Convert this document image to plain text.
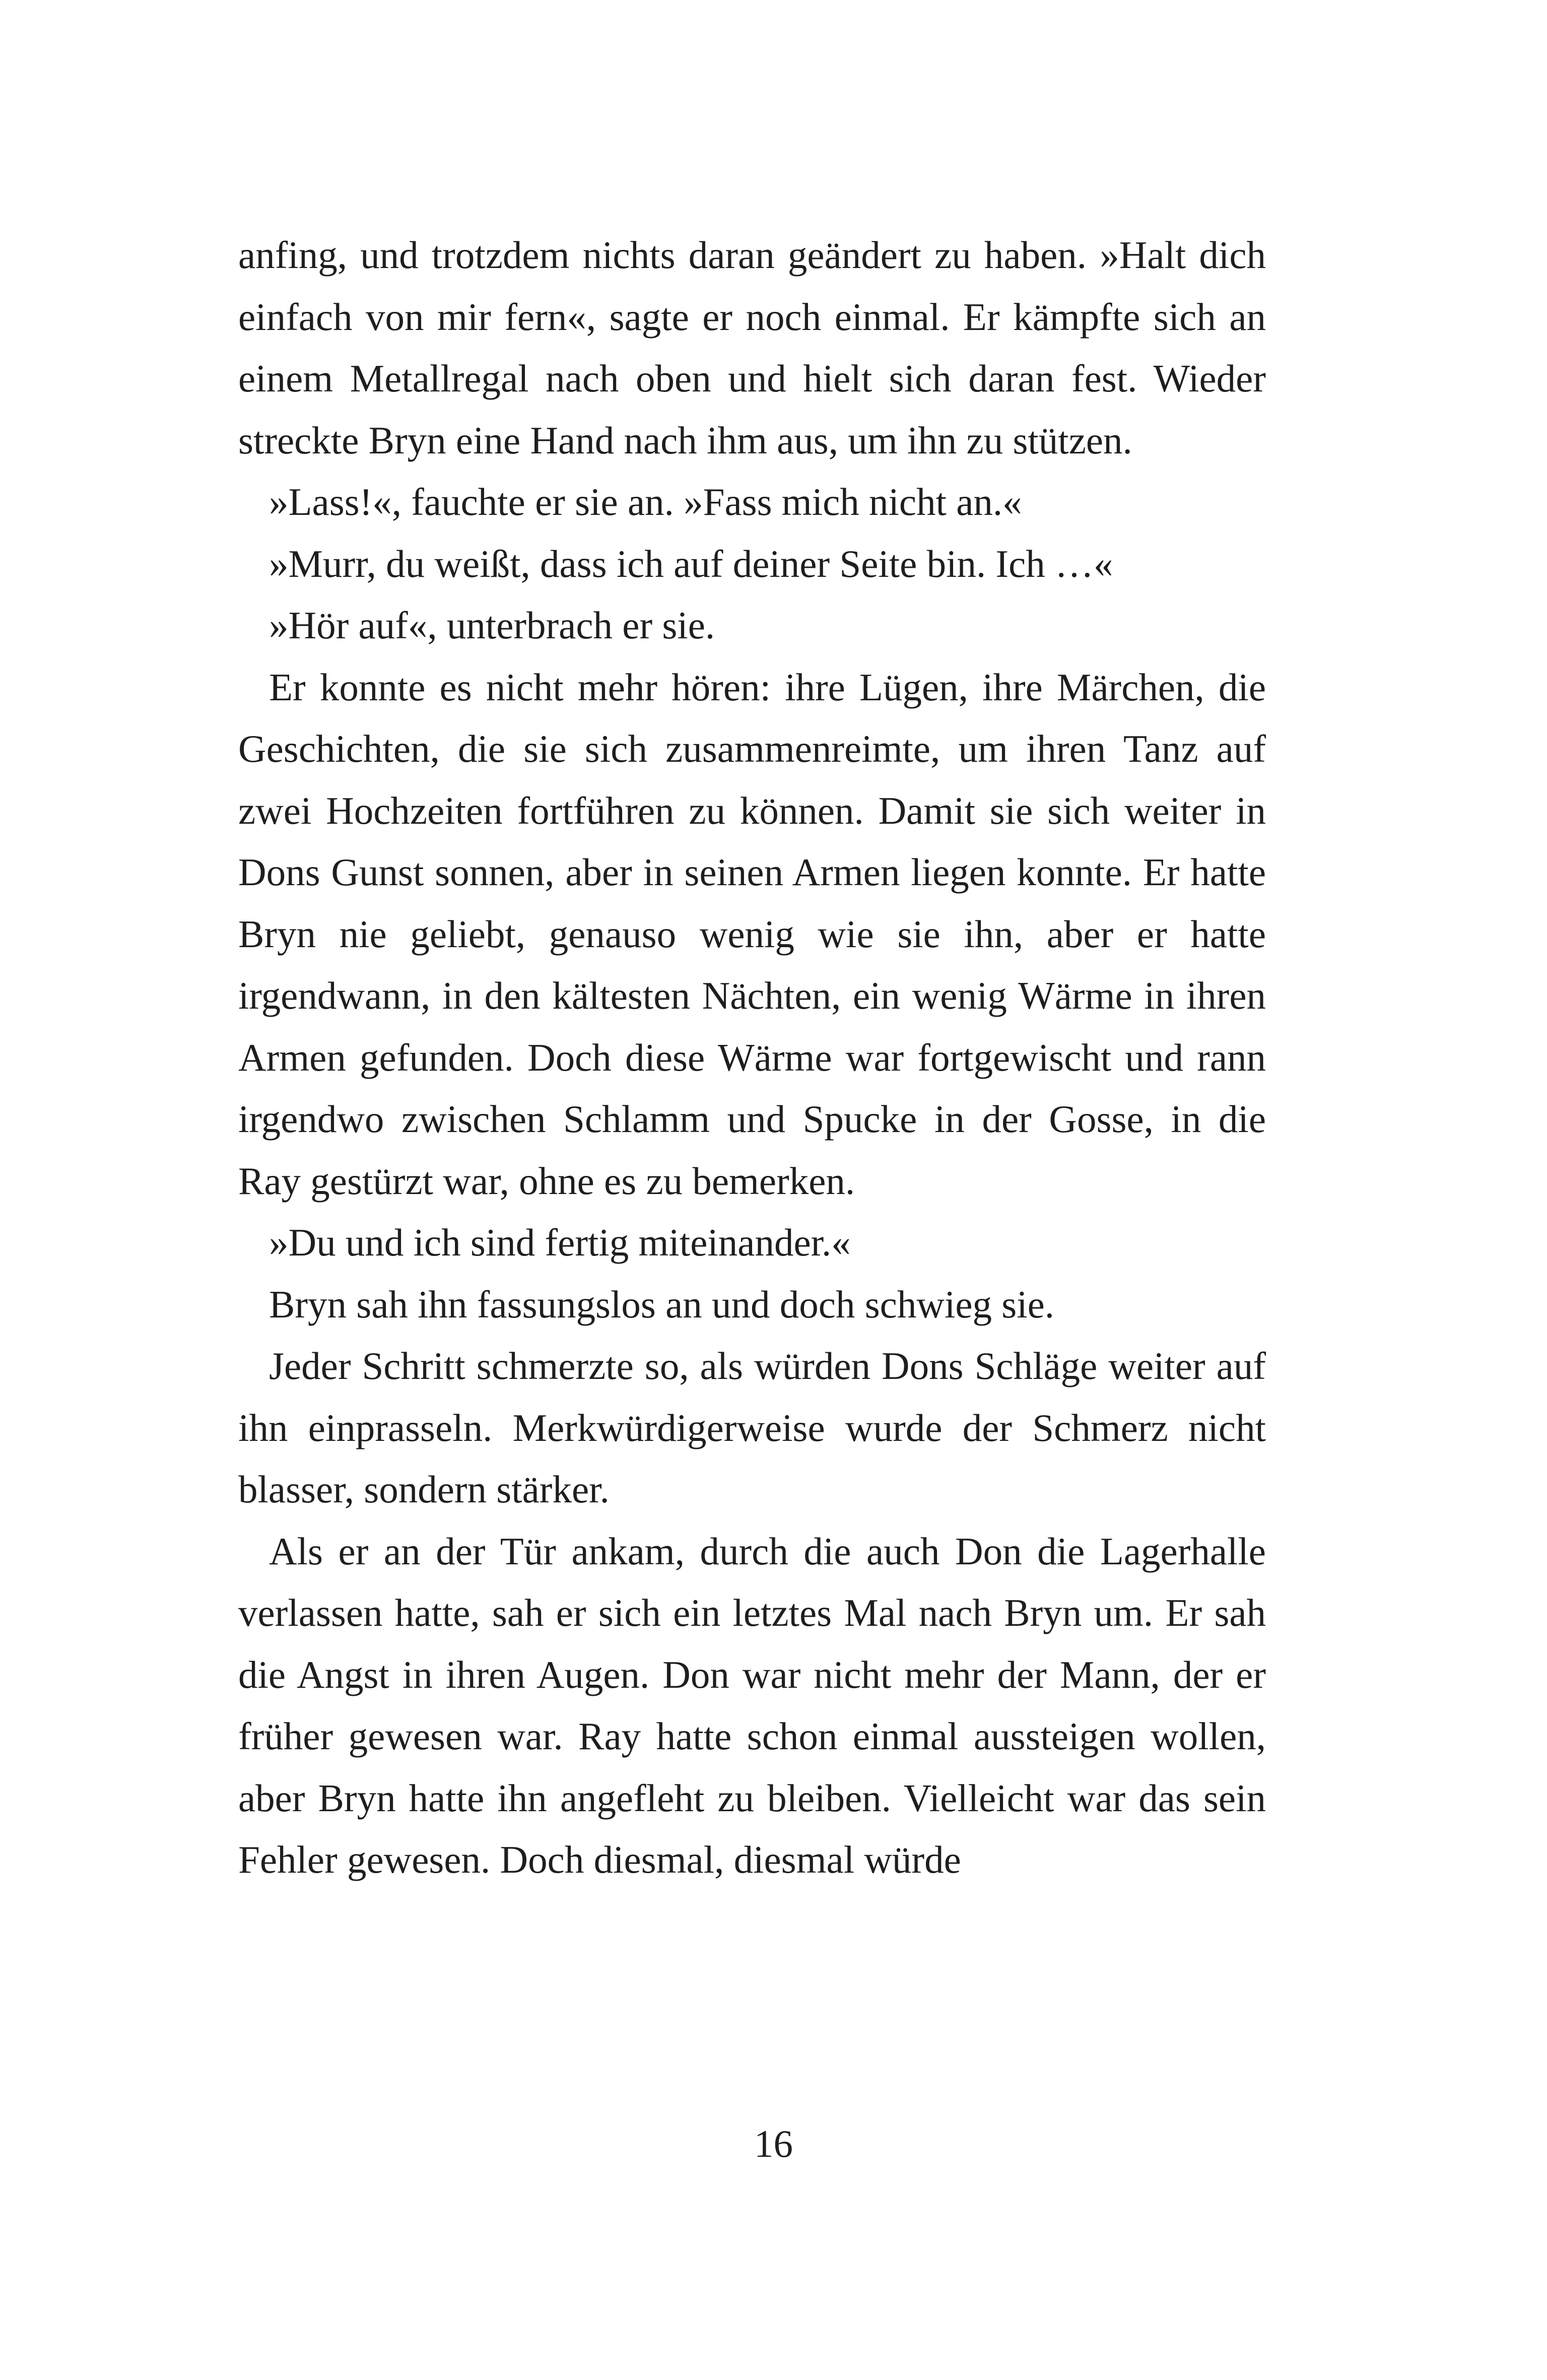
anfing, und trotzdem nichts daran geändert zu haben. »Halt dich einfach von mir fern«, sagte er noch einmal. Er kämpfte sich an einem Metallregal nach oben und hielt sich daran fest. Wieder streckte Bryn eine Hand nach ihm aus, um ihn zu stützen.

»Lass!«, fauchte er sie an. »Fass mich nicht an.«

»Murr, du weißt, dass ich auf deiner Seite bin. Ich …«

»Hör auf«, unterbrach er sie.

Er konnte es nicht mehr hören: ihre Lügen, ihre Märchen, die Geschichten, die sie sich zusammenreimte, um ihren Tanz auf zwei Hochzeiten fortführen zu können. Damit sie sich weiter in Dons Gunst sonnen, aber in seinen Armen liegen konnte. Er hatte Bryn nie geliebt, genauso wenig wie sie ihn, aber er hatte irgendwann, in den kältesten Nächten, ein wenig Wärme in ihren Armen gefunden. Doch diese Wärme war fortgewischt und rann irgendwo zwischen Schlamm und Spucke in der Gosse, in die Ray gestürzt war, ohne es zu bemerken.

»Du und ich sind fertig miteinander.«

Bryn sah ihn fassungslos an und doch schwieg sie.

Jeder Schritt schmerzte so, als würden Dons Schläge weiter auf ihn einprasseln. Merkwürdigerweise wurde der Schmerz nicht blasser, sondern stärker.

Als er an der Tür ankam, durch die auch Don die Lagerhalle verlassen hatte, sah er sich ein letztes Mal nach Bryn um. Er sah die Angst in ihren Augen. Don war nicht mehr der Mann, der er früher gewesen war. Ray hatte schon einmal aussteigen wollen, aber Bryn hatte ihn angefleht zu bleiben. Vielleicht war das sein Fehler gewesen. Doch diesmal, diesmal würde

16
